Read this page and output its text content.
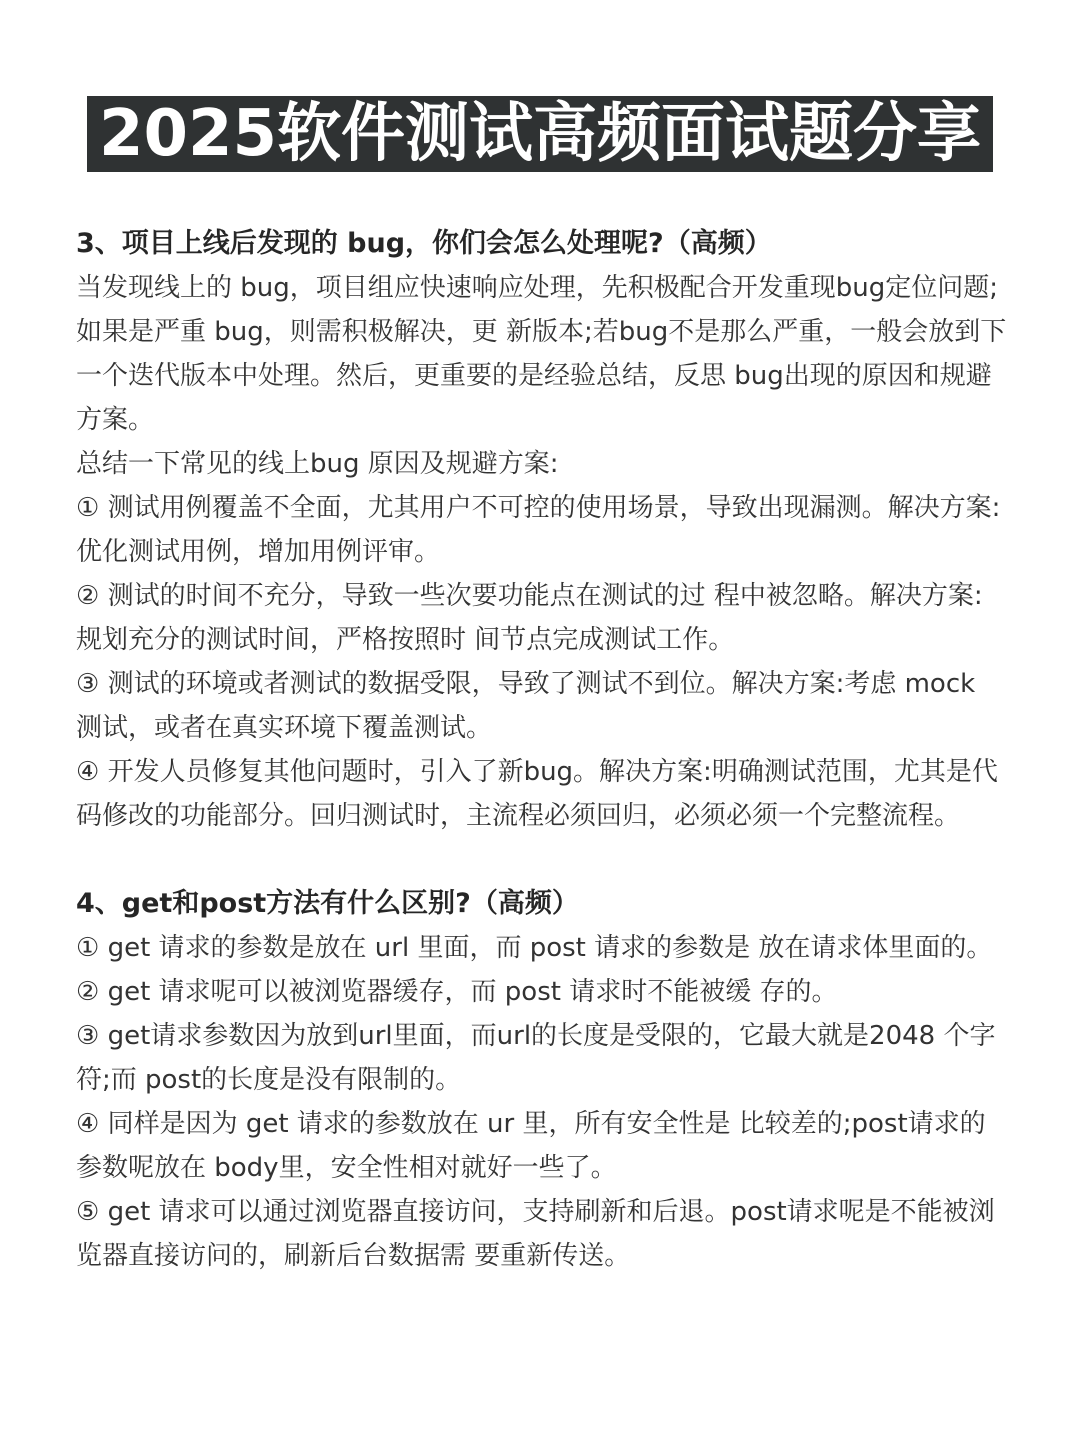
2025软件测试高频面试题分享

3、项目上线后发现的 bug，你们会怎么处理呢?（高频）

当发现线上的 bug，项目组应快速响应处理，先积极配合开发重现bug定位问题;如果是严重 bug，则需积极解决，更 新版本;若bug不是那么严重，一般会放到下一个迭代版本中处理。然后，更重要的是经验总结，反思 bug出现的原因和规避方案。

总结一下常见的线上bug 原因及规避方案:

① 测试用例覆盖不全面，尤其用户不可控的使用场景，导致出现漏测。解决方案:优化测试用例，增加用例评审。

② 测试的时间不充分，导致一些次要功能点在测试的过 程中被忽略。解决方案:规划充分的测试时间，严格按照时 间节点完成测试工作。

③ 测试的环境或者测试的数据受限，导致了测试不到位。解决方案:考虑 mock 测试，或者在真实环境下覆盖测试。

④ 开发人员修复其他问题时，引入了新bug。解决方案:明确测试范围，尤其是代码修改的功能部分。回归测试时，主流程必须回归，必须必须一个完整流程。

4、get和post方法有什么区别?（高频）

① get 请求的参数是放在 url 里面，而 post 请求的参数是 放在请求体里面的。

② get 请求呢可以被浏览器缓存，而 post 请求时不能被缓 存的。

③ get请求参数因为放到url里面，而url的长度是受限的，它最大就是2048 个字符;而 post的长度是没有限制的。

④ 同样是因为 get 请求的参数放在 ur 里，所有安全性是 比较差的;post请求的参数呢放在 body里，安全性相对就好一些了。

⑤ get 请求可以通过浏览器直接访问，支持刷新和后退。post请求呢是不能被浏览器直接访问的，刷新后台数据需 要重新传送。
